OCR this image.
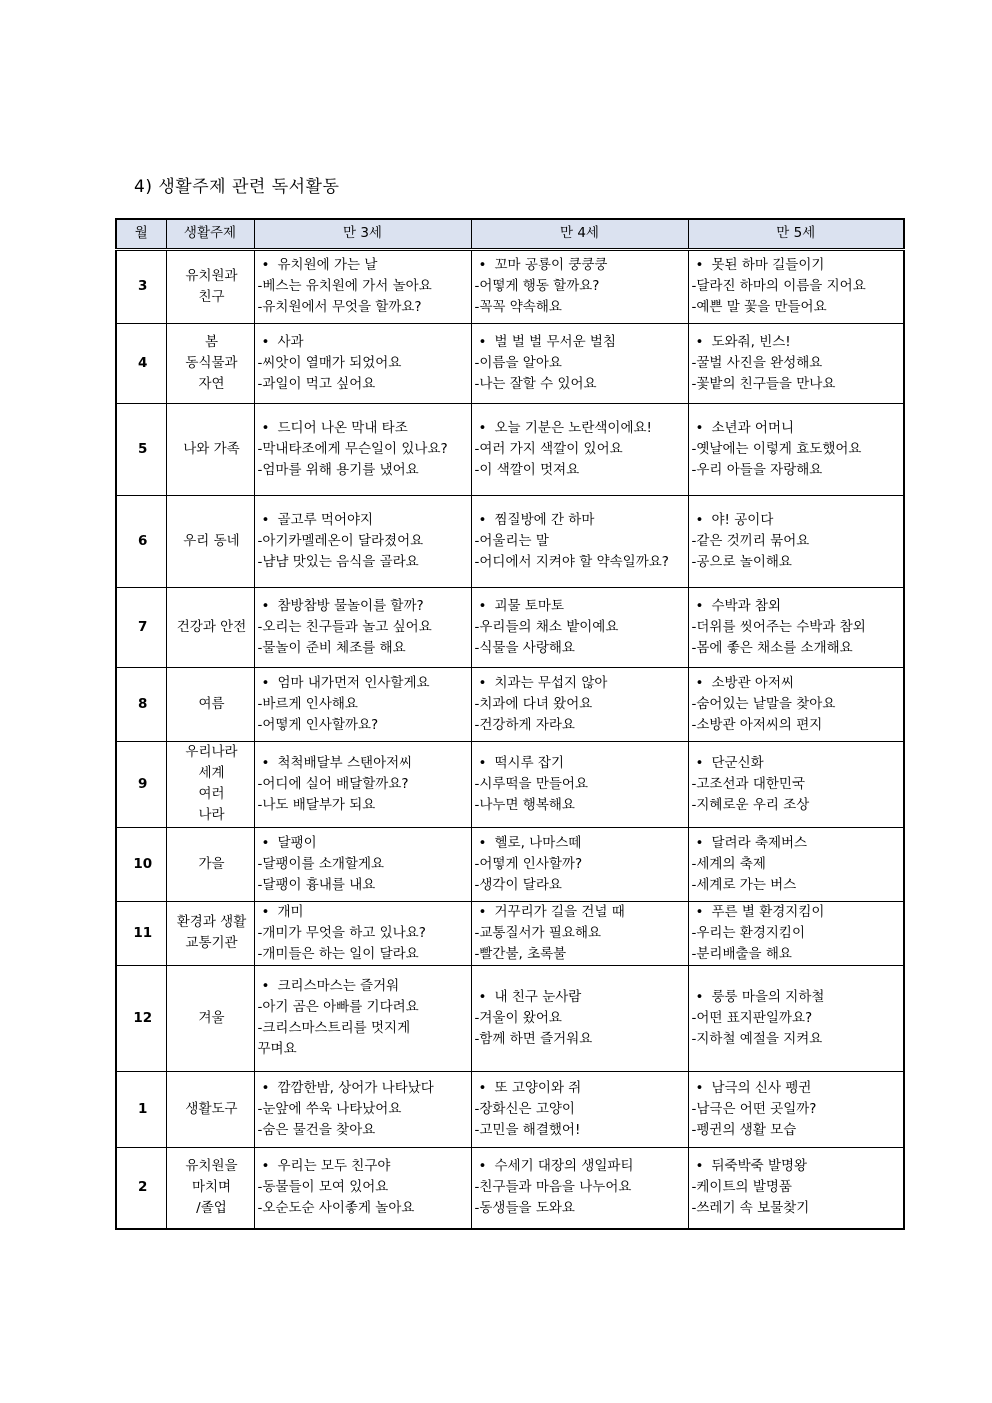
4) 생활주제 관련 독서활동
월	생활주제	만 3세	만 4세	만 5세
3	유치원과
친구	• 유치원에 가는 날
-베스는 유치원에 가서 놀아요
-유치원에서 무엇을 할까요?	• 꼬마 공룡이 쿵쿵쿵
-어떻게 행동 할까요?
-꼭꼭 약속해요	• 못된 하마 길들이기
-달라진 하마의 이름을 지어요
-예쁜 말 꽃을 만들어요

4	봄
동식물과
자연	• 사과
-씨앗이 열매가 되었어요
-과일이 먹고 싶어요	• 벌 벌 벌 무서운 벌침
-이름을 알아요
-나는 잘할 수 있어요	• 도와줘, 빈스!
-꿀벌 사진을 완성해요
-꽃밭의 친구들을 만나요

5	나와 가족	• 드디어 나온 막내 타조
-막내타조에게 무슨일이 있나요?
-엄마를 위해 용기를 냈어요	• 오늘 기분은 노란색이에요!
-여러 가지 색깔이 있어요
-이 색깔이 멋져요	• 소년과 어머니
-옛날에는 이렇게 효도했어요
-우리 아들을 자랑해요

6	우리 동네	• 골고루 먹어야지
-아기카멜레온이 달라졌어요
-냠냠 맛있는 음식을 골라요	• 찜질방에 간 하마
-어울리는 말
-어디에서 지켜야 할 약속일까요?	• 야! 공이다
-같은 것끼리 묶어요
-공으로 놀이해요

7	건강과 안전	• 참방참방 물놀이를 할까?
-오리는 친구들과 놀고 싶어요
-물놀이 준비 체조를 해요	• 괴물 토마토
-우리들의 채소 밭이예요
-식물을 사랑해요	• 수박과 참외
-더위를 씻어주는 수박과 참외
-몸에 좋은 채소를 소개해요

8	여름	• 엄마 내가먼저 인사할게요
-바르게 인사해요
-어떻게 인사할까요?	• 치과는 무섭지 않아
-치과에 다녀 왔어요
-건강하게 자라요	• 소방관 아저씨
-숨어있는 낱말을 찾아요
-소방관 아저씨의 편지

9	우리나라
세계
여러
나라	• 척척배달부 스탠아저씨
-어디에 실어 배달할까요?
-나도 배달부가 되요	• 떡시루 잡기
-시루떡을 만들어요
-나누면 행복해요	• 단군신화
-고조선과 대한민국
-지혜로운 우리 조상

10	가을	• 달팽이
-달팽이를 소개할게요
-달팽이 흉내를 내요	• 헬로, 나마스떼
-어떻게 인사할까?
-생각이 달라요	• 달려라 축제버스
-세계의 축제
-세계로 가는 버스

11	환경과 생활
교통기관	• 개미
-개미가 무엇을 하고 있나요?
-개미들은 하는 일이 달라요	• 거꾸리가 길을 건널 때
-교통질서가 필요해요
-빨간불, 초록불	• 푸른 별 환경지킴이
-우리는 환경지킴이
-분리배출을 해요

12	겨울	• 크리스마스는 즐거워
-아기 곰은 아빠를 기다려요
-크리스마스트리를 멋지게
꾸며요	• 내 친구 눈사람
-겨울이 왔어요
-함께 하면 즐거워요	• 룽룽 마을의 지하철
-어떤 표지판일까요?
-지하철 예절을 지켜요

1	생활도구	• 깜깜한밤, 상어가 나타났다
-눈앞에 쑤욱 나타났어요
-숨은 물건을 찾아요	• 또 고양이와 쥐
-장화신은 고양이
-고민을 해결했어!	• 남극의 신사 펭귄
-남극은 어떤 곳일까?
-펭귄의 생활 모습

2	유치원을
마치며
/졸업	• 우리는 모두 친구야
-동물들이 모여 있어요
-오순도순 사이좋게 놀아요	• 수세기 대장의 생일파티
-친구들과 마음을 나누어요
-동생들을 도와요	• 뒤죽박죽 발명왕
-케이트의 발명품
-쓰레기 속 보물찾기
